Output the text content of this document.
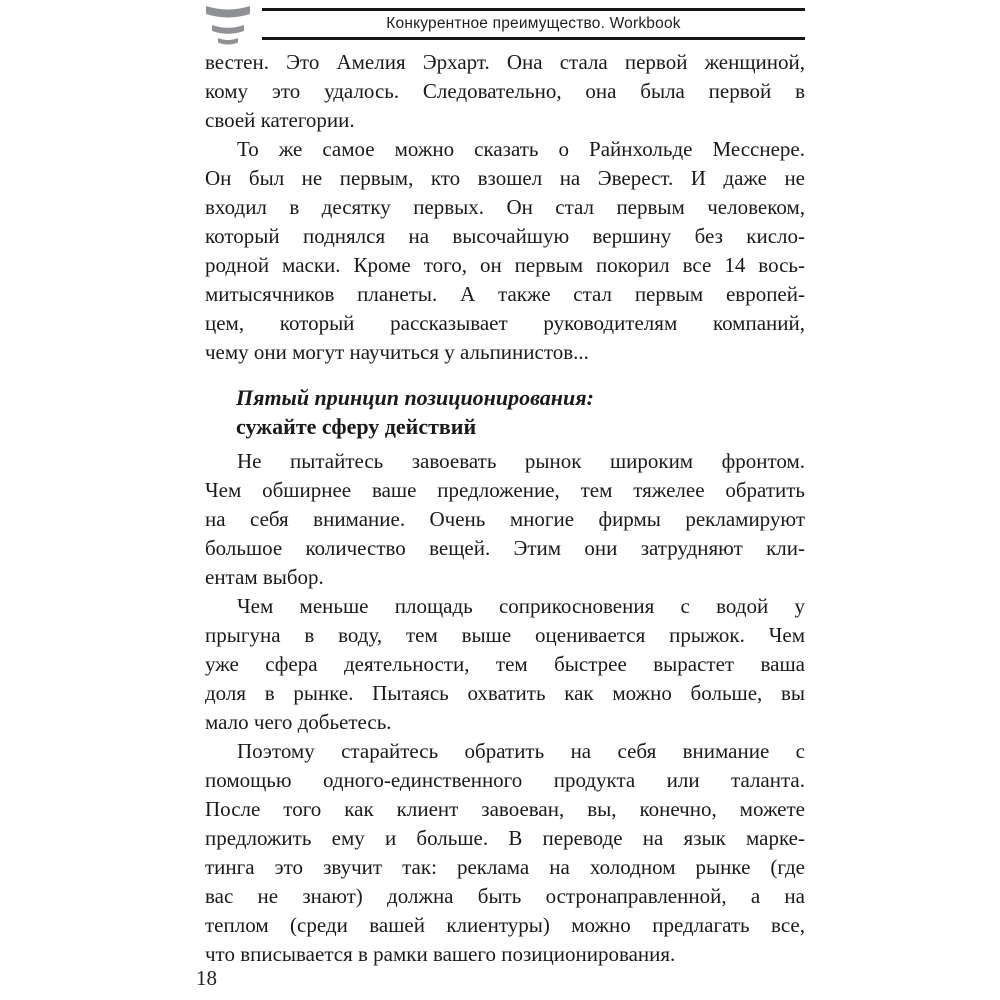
Конкурентное преимущество. Workbook
вестен. Это Амелия Эрхарт. Она стала первой женщиной,
кому это удалось. Следовательно, она была первой в
своей категории.
То же самое можно сказать о Райнхольде Месснере.
Он был не первым, кто взошел на Эверест. И даже не
входил в десятку первых. Он стал первым человеком,
который поднялся на высочайшую вершину без кисло-
родной маски. Кроме того, он первым покорил все 14 вось-
митысячников планеты. А также стал первым европей-
цем, который рассказывает руководителям компаний,
чему они могут научиться у альпинистов...
Пятый принцип позиционирования:
сужайте сферу действий
Не пытайтесь завоевать рынок широким фронтом.
Чем обширнее ваше предложение, тем тяжелее обратить
на себя внимание. Очень многие фирмы рекламируют
большое количество вещей. Этим они затрудняют кли-
ентам выбор.
Чем меньше площадь соприкосновения с водой у
прыгуна в воду, тем выше оценивается прыжок. Чем
уже сфера деятельности, тем быстрее вырастет ваша
доля в рынке. Пытаясь охватить как можно больше, вы
мало чего добьетесь.
Поэтому старайтесь обратить на себя внимание с
помощью одного-единственного продукта или таланта.
После того как клиент завоеван, вы, конечно, можете
предложить ему и больше. В переводе на язык марке-
тинга это звучит так: реклама на холодном рынке (где
вас не знают) должна быть остронаправленной, а на
теплом (среди вашей клиентуры) можно предлагать все,
что вписывается в рамки вашего позиционирования.
18
